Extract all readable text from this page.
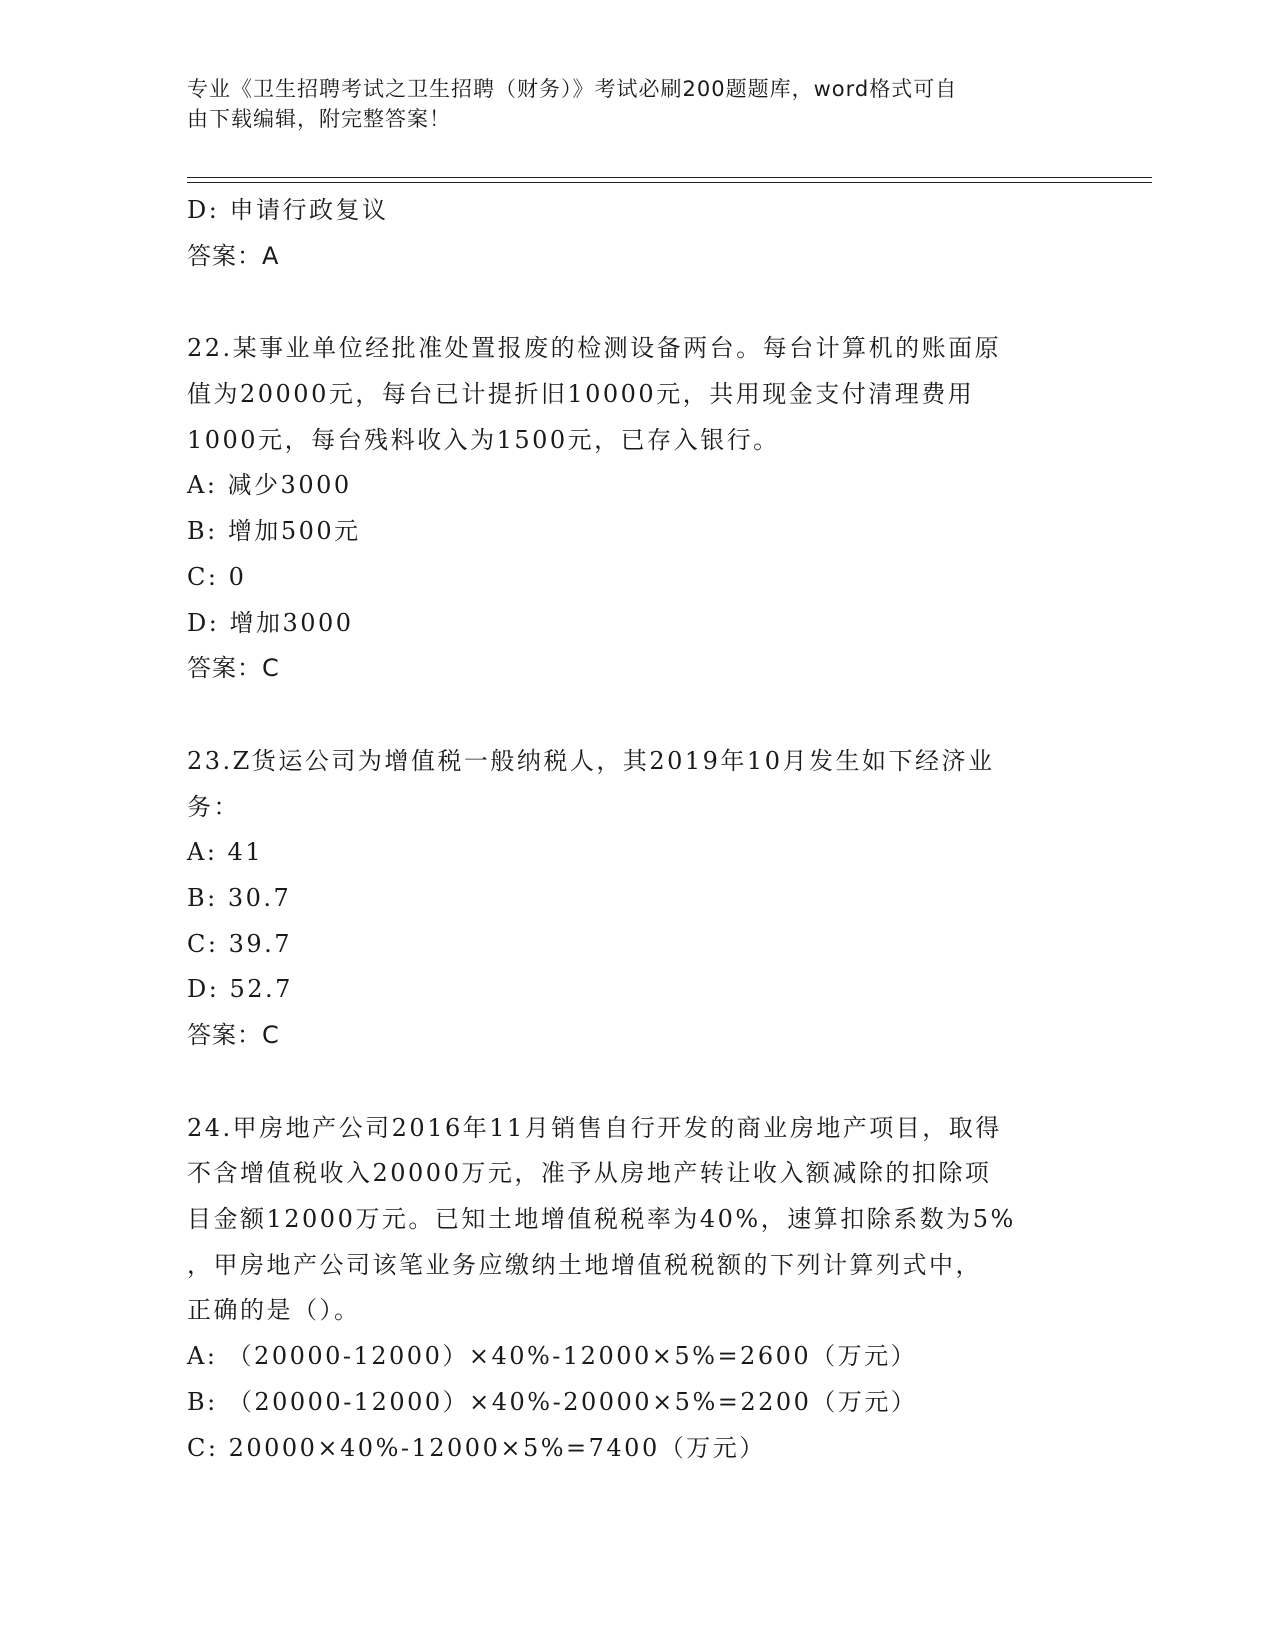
专业《卫生招聘考试之卫生招聘（财务）》考试必刷200题题库，word格式可自
由下载编辑，附完整答案！
D: 申请行政复议
答案：A
22.某事业单位经批准处置报废的检测设备两台。每台计算机的账面原
值为20000元，每台已计提折旧10000元，共用现金支付清理费用
1000元，每台残料收入为1500元，已存入银行。
A: 减少3000
B: 增加500元
C: 0
D: 增加3000
答案：C
23.Z货运公司为增值税一般纳税人，其2019年10月发生如下经济业
务：
A: 41
B: 30.7
C: 39.7
D: 52.7
答案：C
24.甲房地产公司2016年11月销售自行开发的商业房地产项目，取得
不含增值税收入20000万元，准予从房地产转让收入额减除的扣除项
目金额12000万元。已知土地增值税税率为40%，速算扣除系数为5%
，甲房地产公司该笔业务应缴纳土地增值税税额的下列计算列式中，
正确的是（）。
A: （20000-12000）×40%-12000×5%=2600（万元）
B: （20000-12000）×40%-20000×5%=2200（万元）
C: 20000×40%-12000×5%=7400（万元）
